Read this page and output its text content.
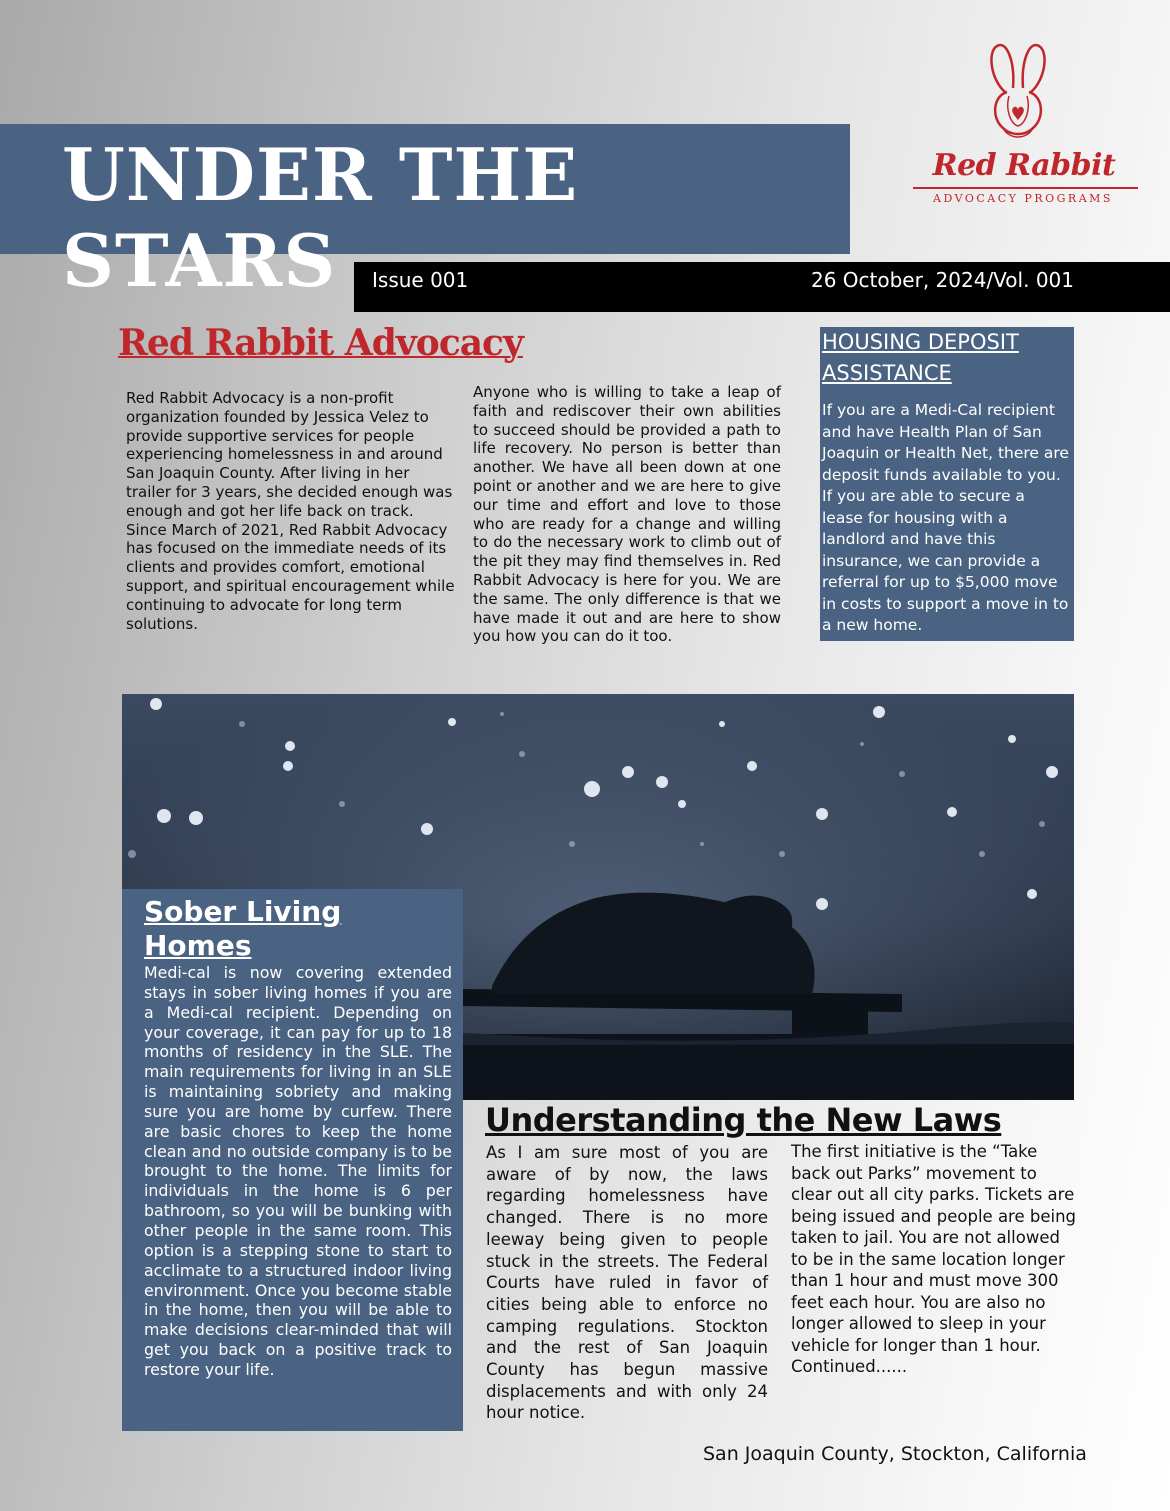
UNDER THE STARS
Red Rabbit
ADVOCACY PROGRAMS
Issue 001	26 October, 2024/Vol. 001
Red Rabbit Advocacy
Red Rabbit Advocacy is a non-profit organization founded by Jessica Velez to provide supportive services for people experiencing homelessness in and around San Joaquin County. After living in her trailer for 3 years, she decided enough was enough and got her life back on track. Since March of 2021, Red Rabbit Advocacy has focused on the immediate needs of its clients and provides comfort, emotional support, and spiritual encouragement while continuing to advocate for long term solutions.
Anyone who is willing to take a leap of faith and rediscover their own abilities to succeed should be provided a path to life recovery. No person is better than another. We have all been down at one point or another and we are here to give our time and effort and love to those who are ready for a change and willing to do the necessary work to climb out of the pit they may find themselves in. Red Rabbit Advocacy is here for you. We are the same. The only difference is that we have made it out and are here to show you how you can do it too.
HOUSING DEPOSIT ASSISTANCE
If you are a Medi-Cal recipient and have Health Plan of San Joaquin or Health Net, there are deposit funds available to you. If you are able to secure a lease for housing with a landlord and have this insurance, we can provide a referral for up to $5,000 move in costs to support a move in to a new home.
Sober Living Homes
Medi-cal is now covering extended stays in sober living homes if you are a Medi-cal recipient. Depending on your coverage, it can pay for up to 18 months of residency in the SLE. The main requirements for living in an SLE is maintaining sobriety and making sure you are home by curfew. There are basic chores to keep the home clean and no outside company is to be brought to the home. The limits for individuals in the home is 6 per bathroom, so you will be bunking with other people in the same room. This option is a stepping stone to start to acclimate to a structured indoor living environment. Once you become stable in the home, then you will be able to make decisions clear-minded that will get you back on a positive track to restore your life.
Understanding the New Laws
As I am sure most of you are aware of by now, the laws regarding homelessness have changed. There is no more leeway being given to people stuck in the streets. The Federal Courts have ruled in favor of cities being able to enforce no camping regulations. Stockton and the rest of San Joaquin County has begun massive displacements and with only 24 hour notice.
The first initiative is the “Take back out Parks” movement to clear out all city parks. Tickets are being issued and people are being taken to jail. You are not allowed to be in the same location longer than 1 hour and must move 300 feet each hour. You are also no longer allowed to sleep in your vehicle for longer than 1 hour. Continued......
San Joaquin County, Stockton, California
